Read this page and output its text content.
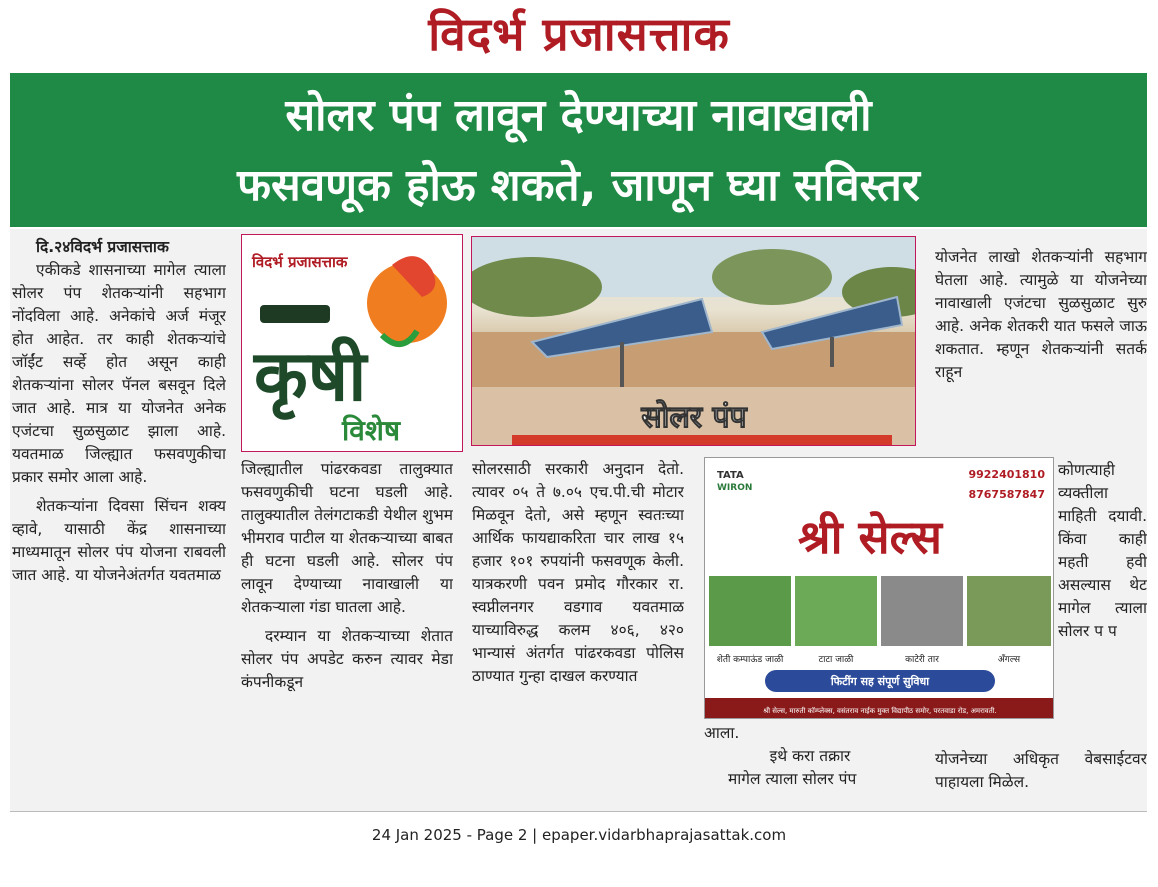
विदर्भ प्रजासत्ताक
सोलर पंप लावून देण्याच्या नावाखाली
फसवणूक होऊ शकते, जाणून घ्या सविस्तर

दि.२४विदर्भ प्रजासत्ताक

एकीकडे शासनाच्या मागेल त्याला सोलर पंप शेतकऱ्यांनी सहभाग नोंदविला आहे. अनेकांचे अर्ज मंजूर होत आहेत. तर काही शेतकऱ्यांचे जॉईंट सर्व्हे होत असून काही शेतकऱ्यांना सोलर पॅनल बसवून दिले जात आहे. मात्र या योजनेत अनेक एजंटचा सुळसुळाट झाला आहे. यवतमाळ जिल्ह्यात फसवणुकीचा प्रकार समोर आला आहे.

शेतकऱ्यांना दिवसा सिंचन शक्य व्हावे, यासाठी केंद्र शासनाच्या माध्यमातून सोलर पंप योजना राबवली जात आहे. या योजनेअंतर्गत यवतमाळ

विदर्भ प्रजासत्ताक
कृषी
विशेष

जिल्ह्यातील पांढरकवडा तालुक्यात फसवणुकीची घटना घडली आहे. तालुक्यातील तेलंगटाकडी येथील शुभम भीमराव पाटील या शेतकऱ्याच्या बाबत ही घटना घडली आहे. सोलर पंप लावून देण्याच्या नावाखाली या शेतकऱ्याला गंडा घातला आहे.

दरम्यान या शेतकऱ्याच्या शेतात सोलर पंप अपडेट करुन त्यावर मेडा कंपनीकडून

सोलर पंप

सोलरसाठी सरकारी अनुदान देतो. त्यावर ०५ ते ७.०५ एच.पी.ची मोटार मिळवून देतो, असे म्हणून स्वतःच्या आर्थिक फायद्याकरिता चार लाख १५ हजार १०१ रुपयांनी फसवणूक केली. यात्रकरणी पवन प्रमोद गौरकार रा. स्वप्नीलनगर वडगाव यवतमाळ याच्याविरुद्ध कलम ४०६, ४२० भान्यासं अंतर्गत पांढरकवडा पोलिस ठाण्यात गुन्हा दाखल करण्यात

TATA
WIRON
9922401810
8767587847
श्री सेल्स
शेती कम्पाऊंड जाळी	टाटा जाळी	काटेरी तार	अँगल्स
फिटींग सह संपूर्ण सुविधा
श्री सेल्स, मारुती कॉम्प्लेक्स, वसंतराव नाईक मुक्त विद्यापीठ समोर, परतवाडा रोड, अमरावती.

आला.

इथे करा तक्रार

मागेल त्याला सोलर पंप

योजनेत लाखो शेतकऱ्यांनी सहभाग घेतला आहे. त्यामुळे या योजनेच्या नावाखाली एजंटचा सुळसुळाट सुरु आहे. अनेक शेतकरी यात फसले जाऊ शकतात. म्हणून शेतकऱ्यांनी सतर्क राहून

कोणत्याही व्यक्तीला माहिती दयावी. किंवा काही महती हवी असल्यास थेट मागेल त्याला सोलर प प

योजनेच्या अधिकृत वेबसाईटवर पाहायला मिळेल.

24 Jan 2025 - Page 2 | epaper.vidarbhaprajasattak.com
